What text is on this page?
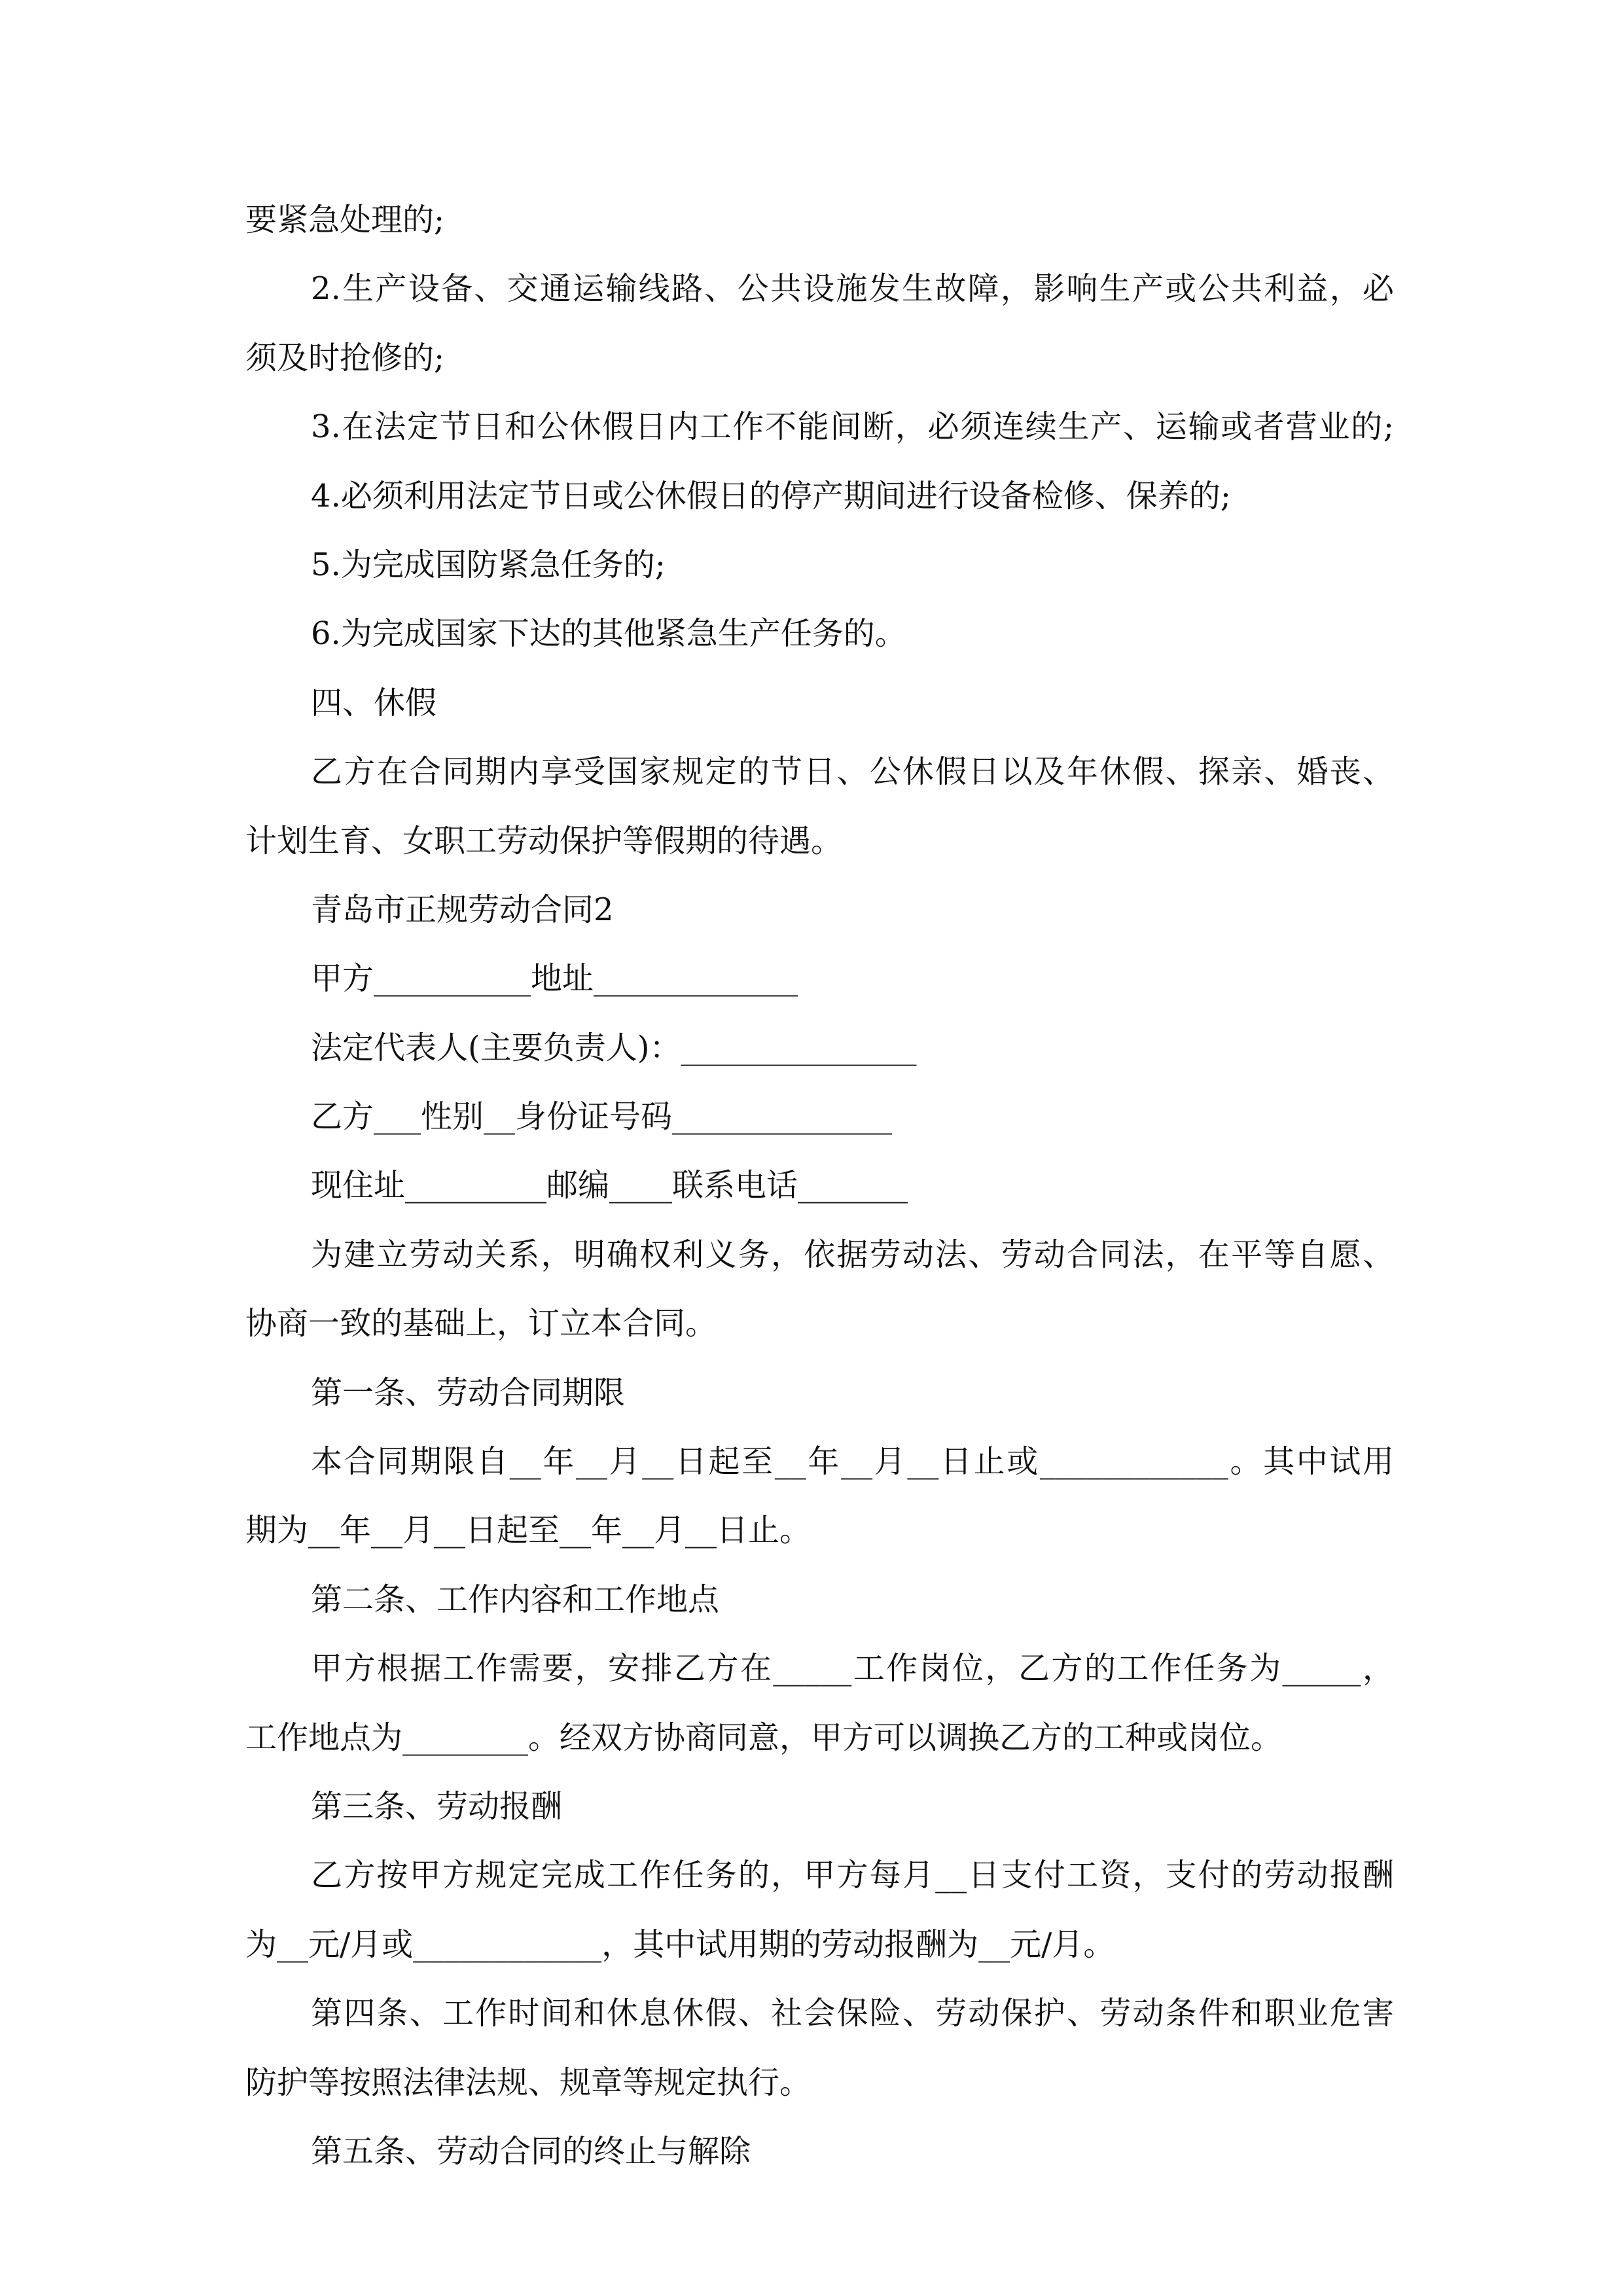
要紧急处理的;
2.生产设备、交通运输线路、公共设施发生故障，影响生产或公共利益，必
须及时抢修的;
3.在法定节日和公休假日内工作不能间断，必须连续生产、运输或者营业的;
4.必须利用法定节日或公休假日的停产期间进行设备检修、保养的;
5.为完成国防紧急任务的;
6.为完成国家下达的其他紧急生产任务的。
四、休假
乙方在合同期内享受国家规定的节日、公休假日以及年休假、探亲、婚丧、
计划生育、女职工劳动保护等假期的待遇。
青岛市正规劳动合同2
甲方__________地址_____________
法定代表人(主要负责人)：_______________
乙方___性别__身份证号码______________
现住址_________邮编____联系电话_______
为建立劳动关系，明确权利义务，依据劳动法、劳动合同法，在平等自愿、
协商一致的基础上，订立本合同。
第一条、劳动合同期限
本合同期限自__年__月__日起至__年__月__日止或____________。其中试用
期为__年__月__日起至__年__月__日止。
第二条、工作内容和工作地点
甲方根据工作需要，安排乙方在_____工作岗位，乙方的工作任务为_____，
工作地点为________。经双方协商同意，甲方可以调换乙方的工种或岗位。
第三条、劳动报酬
乙方按甲方规定完成工作任务的，甲方每月__日支付工资，支付的劳动报酬
为__元/月或____________，其中试用期的劳动报酬为__元/月。
第四条、工作时间和休息休假、社会保险、劳动保护、劳动条件和职业危害
防护等按照法律法规、规章等规定执行。
第五条、劳动合同的终止与解除
